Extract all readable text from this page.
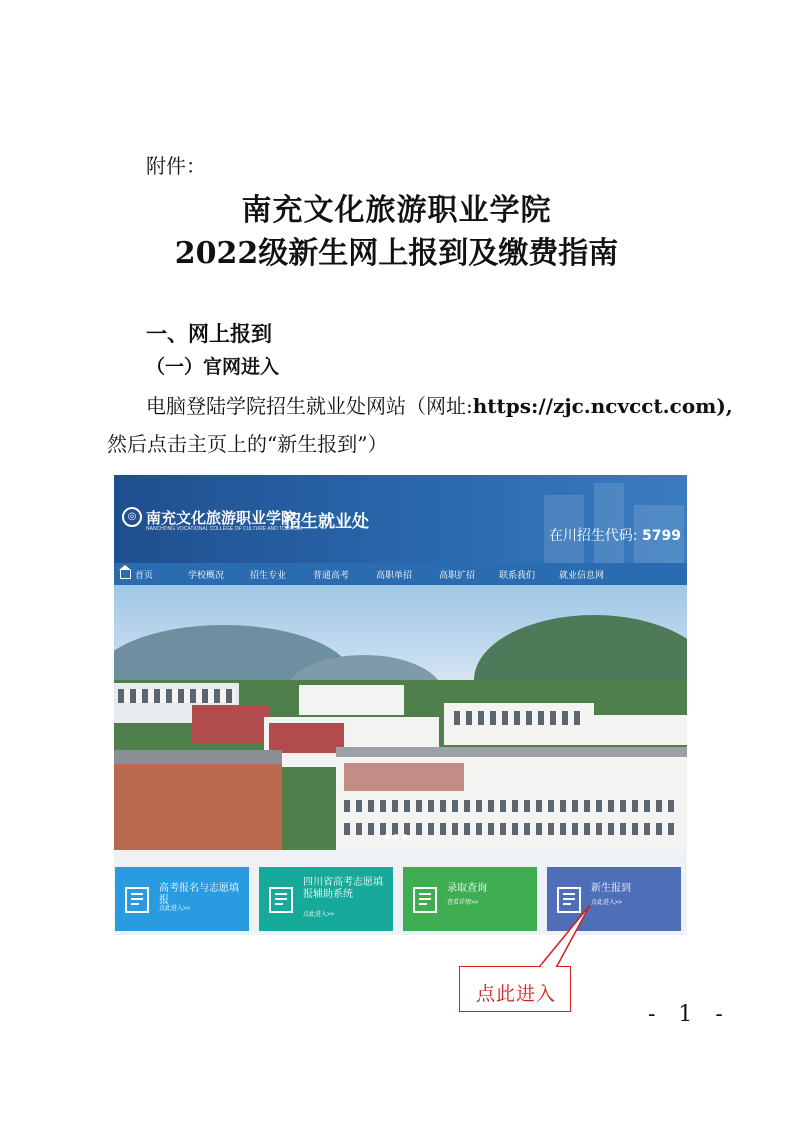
附件：
南充文化旅游职业学院
2022级新生网上报到及缴费指南
一、网上报到
（一）官网进入
电脑登陆学院招生就业处网站（网址:https://zjc.ncvcct.com),
然后点击主页上的“新生报到”）
◎ 南充文化旅游职业学院
NANCHONG VOCATIONAL COLLEGE OF CULTURE AND TOURISM
招生就业处
在川招生代码: 5799
首页	学校概况	招生专业	普通高考	高职单招	高职扩招	联系我们	就业信息网
高考报名与志愿填报
点此进入>>
四川省高考志愿填报辅助系统
点此进入>>
录取查询
查看详情>>
新生报到
点此进入>>
点此进入
- 1 -
